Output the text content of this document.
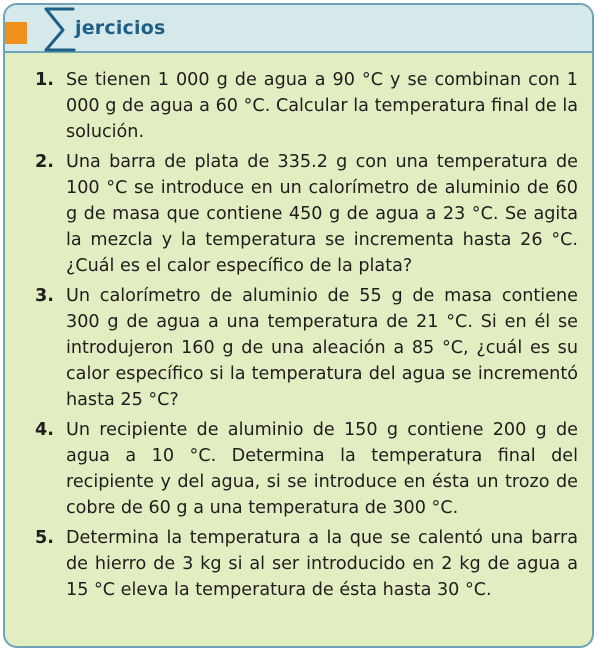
jercicios
1. Se tienen 1 000 g de agua a 90 °C y se combinan con 1 000 g de agua a 60 °C. Calcular la temperatura final de la solución.
2. Una barra de plata de 335.2 g con una temperatura de 100 °C se introduce en un calorímetro de aluminio de 60 g de masa que contiene 450 g de agua a 23 °C. Se agita la mezcla y la temperatura se incrementa hasta 26 °C. ¿Cuál es el calor específico de la plata?
3. Un calorímetro de aluminio de 55 g de masa contiene 300 g de agua a una temperatura de 21 °C. Si en él se introdujeron 160 g de una aleación a 85 °C, ¿cuál es su calor específico si la temperatura del agua se incrementó hasta 25 °C?
4. Un recipiente de aluminio de 150 g contiene 200 g de agua a 10 °C. Determina la temperatura final del recipiente y del agua, si se introduce en ésta un trozo de cobre de 60 g a una temperatura de 300 °C.
5. Determina la temperatura a la que se calentó una barra de hierro de 3 kg si al ser introducido en 2 kg de agua a 15 °C eleva la temperatura de ésta hasta 30 °C.
